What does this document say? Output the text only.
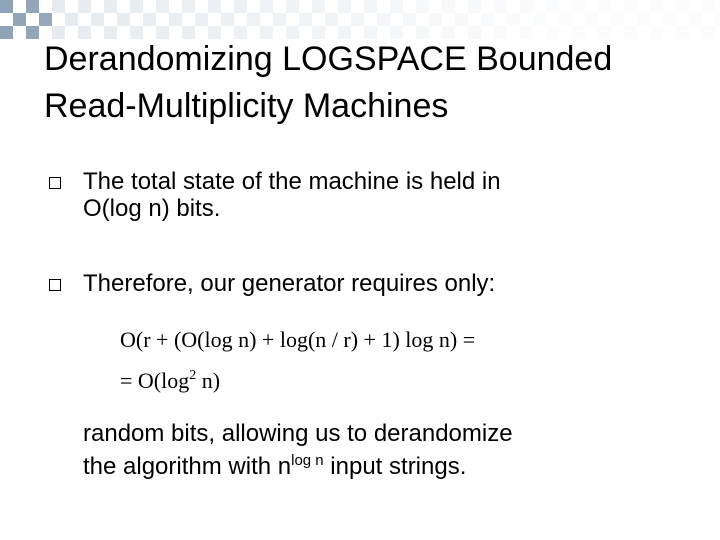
Derandomizing LOGSPACE Bounded
Read-Multiplicity Machines
The total state of the machine is held in
O(log n) bits.
Therefore, our generator requires only:
O(r + (O(log n) + log(n / r) + 1) log n) =
= $O(\log^2$ n)
random bits, allowing us to derandomize
the algorithm with $n^{log n}$ input strings.
